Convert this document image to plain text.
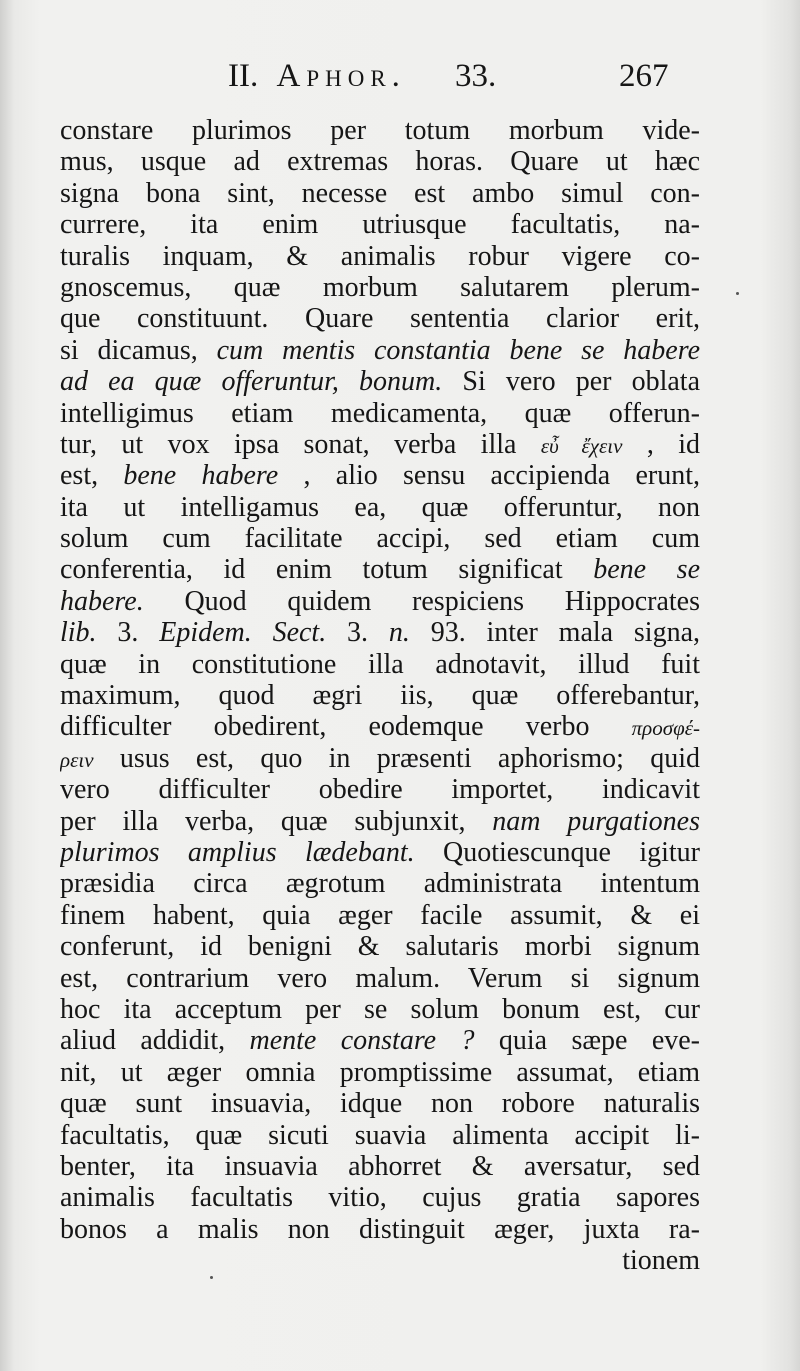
II. Aphor. 33.	267
constare plurimos per totum morbum vide-
mus, usque ad extremas horas. Quare ut hæc
signa bona sint, necesse est ambo simul con-
currere, ita enim utriusque facultatis, na-
turalis inquam, & animalis robur vigere co-
gnoscemus, quæ morbum salutarem plerum-
que constituunt. Quare sententia clarior erit,
si dicamus, cum mentis constantia bene se habere
ad ea quæ offeruntur, bonum. Si vero per oblata
intelligimus etiam medicamenta, quæ offerun-
tur, ut vox ipsa sonat, verba illa εὖ ἔχειν , id
est, bene habere , alio sensu accipienda erunt,
ita ut intelligamus ea, quæ offeruntur, non
solum cum facilitate accipi, sed etiam cum
conferentia, id enim totum significat bene se
habere. Quod quidem respiciens Hippocrates
lib. 3. Epidem. Sect. 3. n. 93. inter mala signa,
quæ in constitutione illa adnotavit, illud fuit
maximum, quod ægri iis, quæ offerebantur,
difficulter obedirent, eodemque verbo προσφέ-
ρειν usus est, quo in præsenti aphorismo; quid
vero difficulter obedire importet, indicavit
per illa verba, quæ subjunxit, nam purgationes
plurimos amplius lædebant. Quotiescunque igitur
præsidia circa ægrotum administrata intentum
finem habent, quia æger facile assumit, & ei
conferunt, id benigni & salutaris morbi signum
est, contrarium vero malum. Verum si signum
hoc ita acceptum per se solum bonum est, cur
aliud addidit, mente constare ? quia sæpe eve-
nit, ut æger omnia promptissime assumat, etiam
quæ sunt insuavia, idque non robore naturalis
facultatis, quæ sicuti suavia alimenta accipit li-
benter, ita insuavia abhorret & aversatur, sed
animalis facultatis vitio, cujus gratia sapores
bonos a malis non distinguit æger, juxta ra-
tionem
